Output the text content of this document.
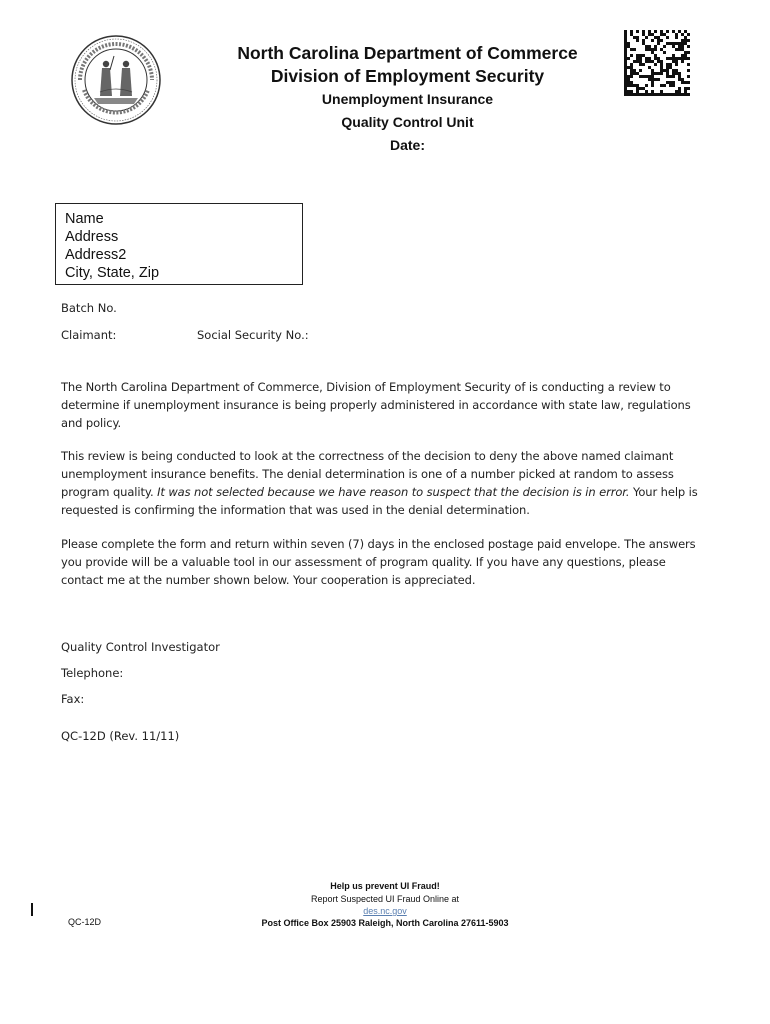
North Carolina Department of Commerce
Division of Employment Security
Unemployment Insurance
Quality Control Unit
Date:
Name
Address
Address2
City, State, Zip
Batch No.
Claimant:	Social Security No.:
The North Carolina Department of Commerce, Division of Employment Security of is conducting a review to determine if unemployment insurance is being properly administered in accordance with state law, regulations and policy.
This review is being conducted to look at the correctness of the decision to deny the above named claimant unemployment insurance benefits. The denial determination is one of a number picked at random to assess program quality. It was not selected because we have reason to suspect that the decision is in error. Your help is requested is confirming the information that was used in the denial determination.
Please complete the form and return within seven (7) days in the enclosed postage paid envelope. The answers you provide will be a valuable tool in our assessment of program quality. If you have any questions, please contact me at the number shown below. Your cooperation is appreciated.
Quality Control Investigator
Telephone:
Fax:
QC-12D (Rev. 11/11)
Help us prevent UI Fraud!
Report Suspected UI Fraud Online at
des.nc.gov
Post Office Box 25903 Raleigh, North Carolina 27611-5903
QC-12D
